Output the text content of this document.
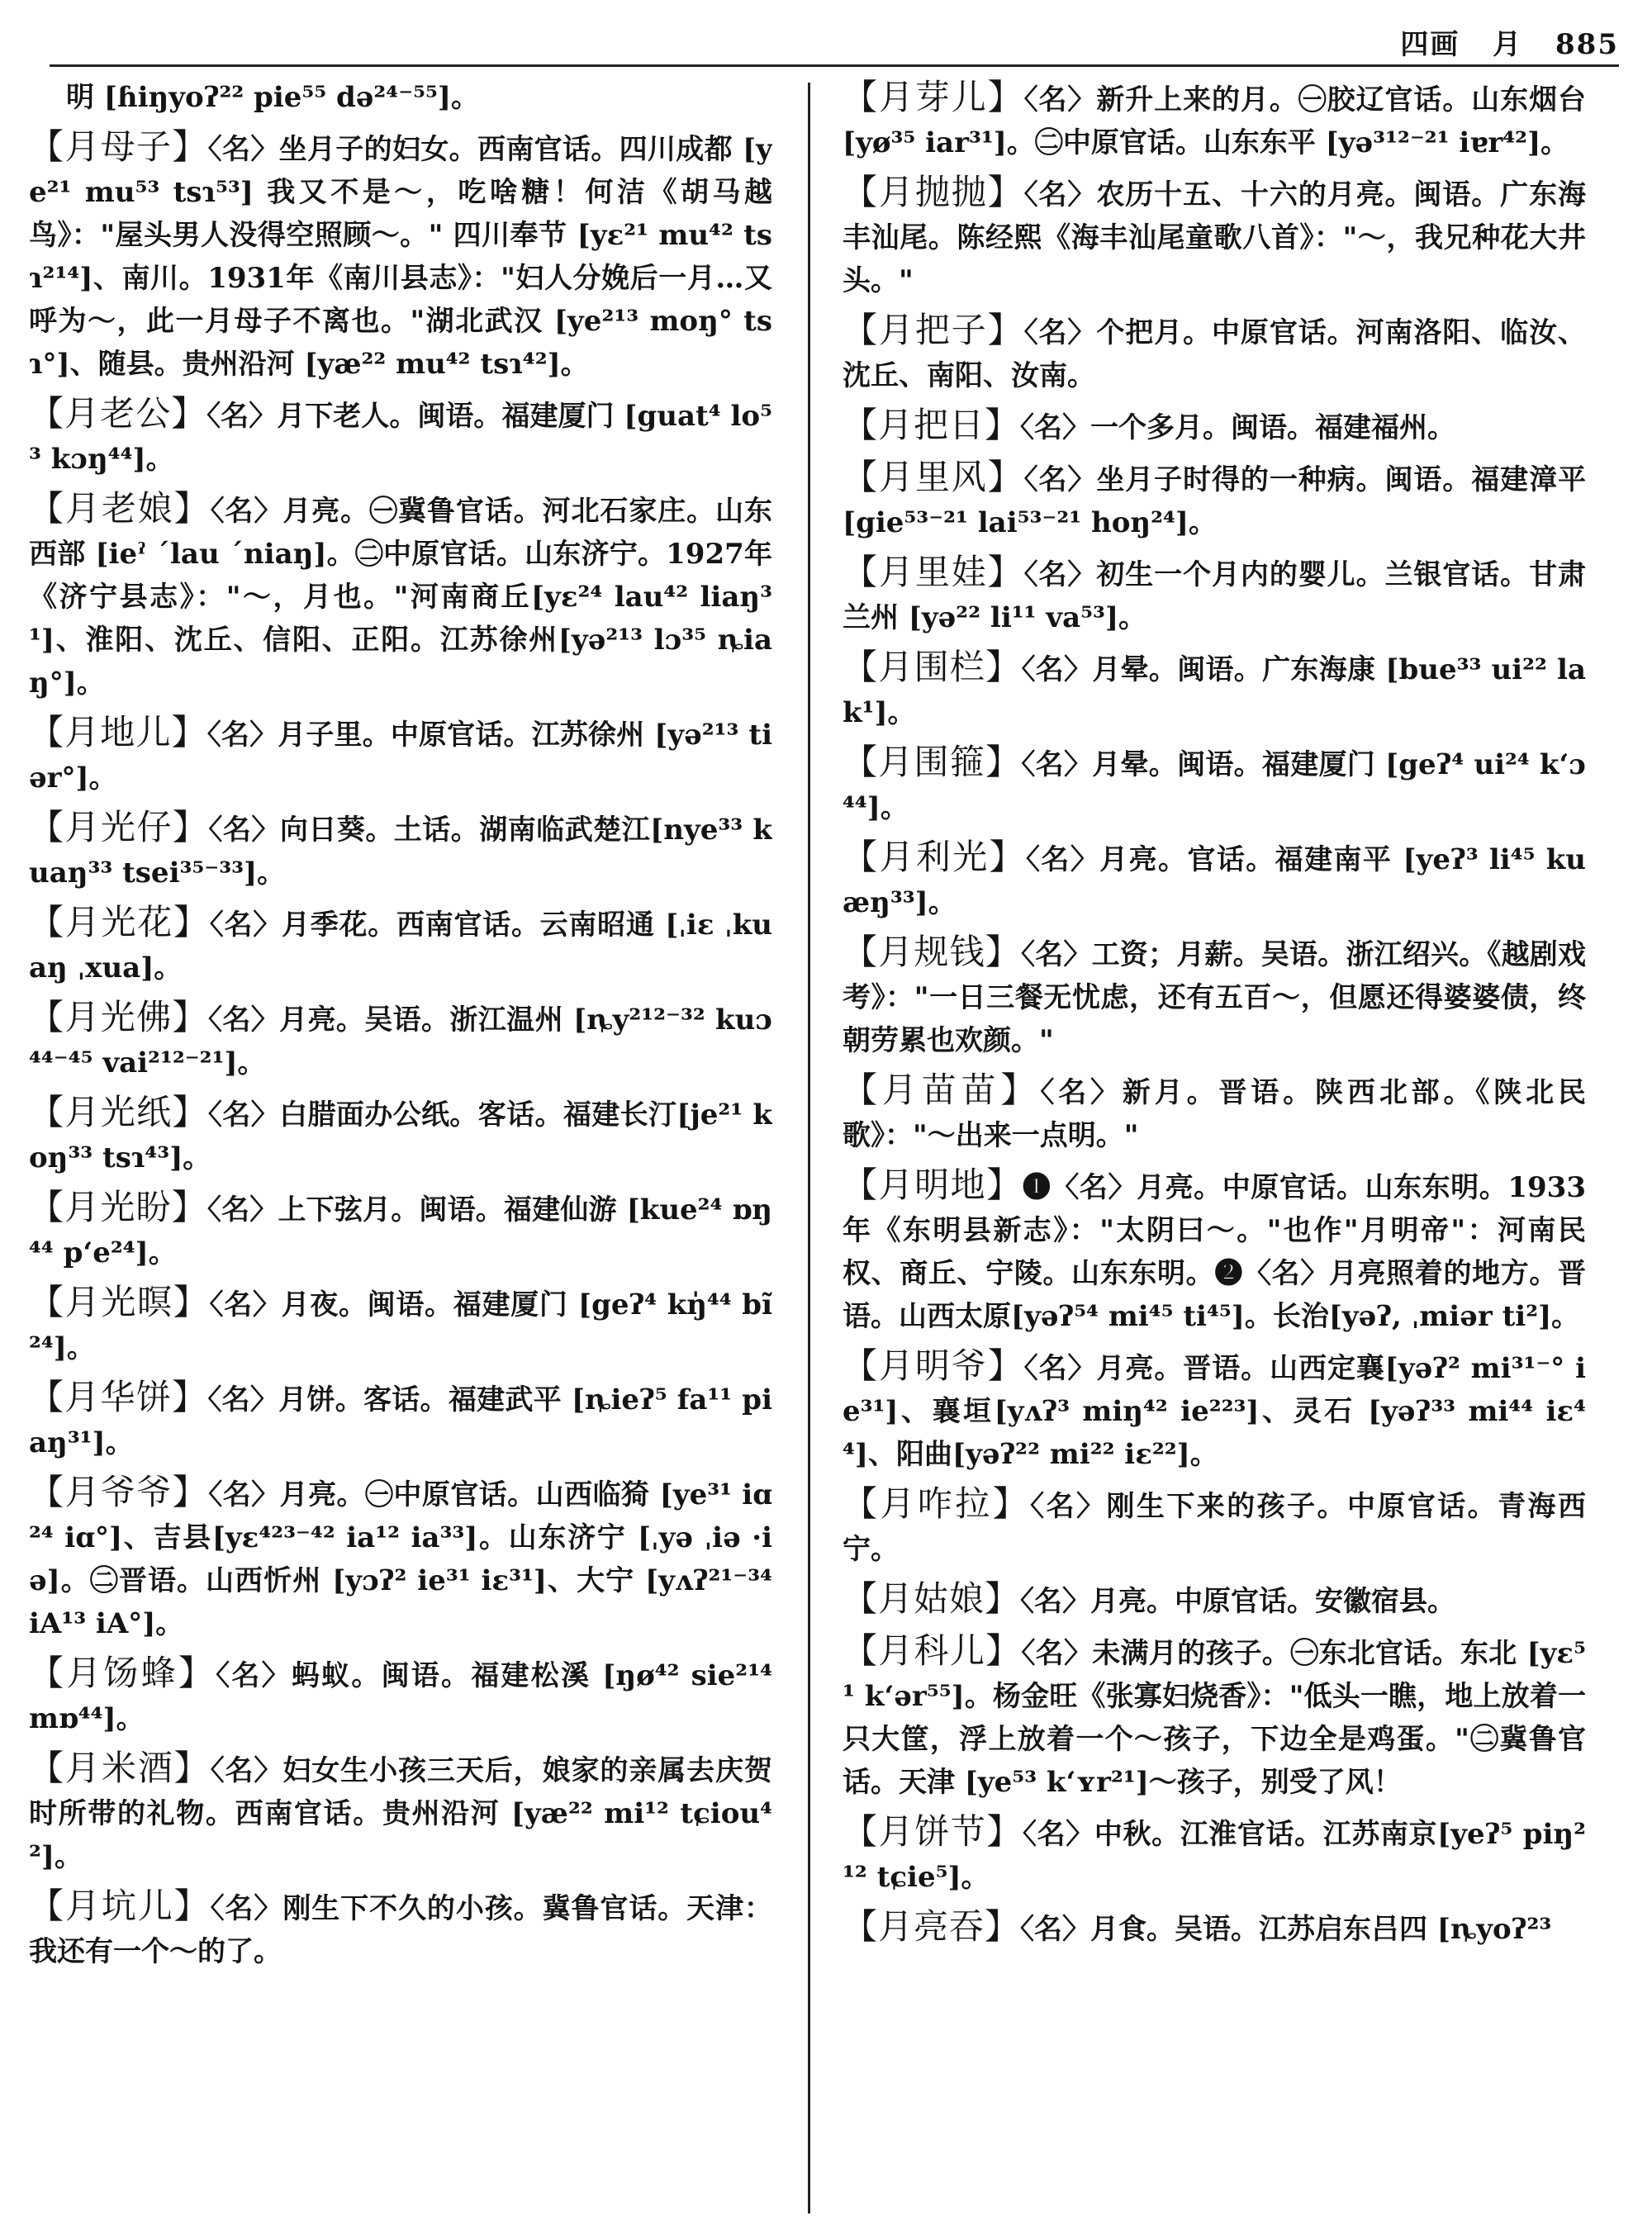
四画 月 885

明 [ɦiŋyoʔ²² pie⁵⁵ də²⁴⁻⁵⁵]。

【月母子】〈名〉坐月子的妇女。西南官话。四川成都 [ye²¹ mu⁵³ tsɿ⁵³] 我又不是～，吃啥糖！何洁《胡马越鸟》："屋头男人没得空照顾～。" 四川奉节 [yɛ²¹ mu⁴² tsɿ²¹⁴]、南川。1931年《南川县志》："妇人分娩后一月…又呼为～，此一月母子不离也。"湖北武汉 [ye²¹³ moŋ° tsɿ°]、随县。贵州沿河 [yæ²² mu⁴² tsɿ⁴²]。

【月老公】〈名〉月下老人。闽语。福建厦门 [guat⁴ lo⁵³ kɔŋ⁴⁴]。

【月老娘】〈名〉月亮。㊀冀鲁官话。河北石家庄。山东西部 [ieˀ ˊlau ˊniaŋ]。㊁中原官话。山东济宁。1927年《济宁县志》："～，月也。"河南商丘[yɛ²⁴ lau⁴² liaŋ³¹]、淮阳、沈丘、信阳、正阳。江苏徐州[yə²¹³ lɔ³⁵ ȵiaŋ°]。

【月地儿】〈名〉月子里。中原官话。江苏徐州 [yə²¹³ tiər°]。

【月光仔】〈名〉向日葵。土话。湖南临武楚江[nye³³ kuaŋ³³ tsei³⁵⁻³³]。

【月光花】〈名〉月季花。西南官话。云南昭通 [ˌiɛ ˌkuaŋ ˌxua]。

【月光佛】〈名〉月亮。吴语。浙江温州 [ȵy²¹²⁻³² kuɔ⁴⁴⁻⁴⁵ vai²¹²⁻²¹]。

【月光纸】〈名〉白腊面办公纸。客话。福建长汀[je²¹ koŋ³³ tsɿ⁴³]。

【月光盼】〈名〉上下弦月。闽语。福建仙游 [kue²⁴ ɒŋ⁴⁴ pʻe²⁴]。

【月光暝】〈名〉月夜。闽语。福建厦门 [geʔ⁴ kŋ̍⁴⁴ bĩ²⁴]。

【月华饼】〈名〉月饼。客话。福建武平 [ȵieʔ⁵ fa¹¹ piaŋ³¹]。

【月爷爷】〈名〉月亮。㊀中原官话。山西临猗 [ye³¹ iɑ²⁴ iɑ°]、吉县[yɛ⁴²³⁻⁴² ia¹² ia³³]。山东济宁 [ˌyə ˌiə ·iə]。㊁晋语。山西忻州 [yɔʔ² ie³¹ iɛ³¹]、大宁 [yʌʔ²¹⁻³⁴ iA¹³ iA°]。

【月饧蜂】〈名〉蚂蚁。闽语。福建松溪 [ŋø⁴² sie²¹⁴ mɒ⁴⁴]。

【月米酒】〈名〉妇女生小孩三天后，娘家的亲属去庆贺时所带的礼物。西南官话。贵州沿河 [yæ²² mi¹² tɕiou⁴²]。

【月坑儿】〈名〉刚生下不久的小孩。冀鲁官话。天津：我还有一个～的了。

【月芽儿】〈名〉新升上来的月。㊀胶辽官话。山东烟台 [yø³⁵ iar³¹]。㊁中原官话。山东东平 [yə³¹²⁻²¹ iɐr⁴²]。

【月抛抛】〈名〉农历十五、十六的月亮。闽语。广东海丰汕尾。陈经熙《海丰汕尾童歌八首》："～，我兄种花大井头。"

【月把子】〈名〉个把月。中原官话。河南洛阳、临汝、沈丘、南阳、汝南。

【月把日】〈名〉一个多月。闽语。福建福州。

【月里风】〈名〉坐月子时得的一种病。闽语。福建漳平 [gie⁵³⁻²¹ lai⁵³⁻²¹ hoŋ²⁴]。

【月里娃】〈名〉初生一个月内的婴儿。兰银官话。甘肃兰州 [yə²² li¹¹ va⁵³]。

【月围栏】〈名〉月晕。闽语。广东海康 [bue³³ ui²² lak¹]。

【月围箍】〈名〉月晕。闽语。福建厦门 [geʔ⁴ ui²⁴ kʻɔ⁴⁴]。

【月利光】〈名〉月亮。官话。福建南平 [yeʔ³ li⁴⁵ kuæŋ³³]。

【月规钱】〈名〉工资；月薪。吴语。浙江绍兴。《越剧戏考》："一日三餐无忧虑，还有五百～，但愿还得婆婆债，终朝劳累也欢颜。"

【月苗苗】〈名〉新月。晋语。陕西北部。《陕北民歌》："～出来一点明。"

【月明地】❶〈名〉月亮。中原官话。山东东明。1933年《东明县新志》："太阴曰～。"也作"月明帝"：河南民权、商丘、宁陵。山东东明。❷〈名〉月亮照着的地方。晋语。山西太原[yəʔ⁵⁴ mi⁴⁵ ti⁴⁵]。长治[yəʔ, ˌmiər ti²]。

【月明爷】〈名〉月亮。晋语。山西定襄[yəʔ² mi³¹⁻° ie³¹]、襄垣[yʌʔ³ miŋ⁴² ie²²³]、灵石 [yəʔ³³ mi⁴⁴ iɛ⁴⁴]、阳曲[yəʔ²² mi²² iɛ²²]。

【月咋拉】〈名〉刚生下来的孩子。中原官话。青海西宁。

【月姑娘】〈名〉月亮。中原官话。安徽宿县。

【月科儿】〈名〉未满月的孩子。㊀东北官话。东北 [yɛ⁵¹ kʻər⁵⁵]。杨金旺《张寡妇烧香》："低头一瞧，地上放着一只大筐，浮上放着一个～孩子，下边全是鸡蛋。"㊁冀鲁官话。天津 [ye⁵³ kʻʏr²¹]～孩子，别受了风！

【月饼节】〈名〉中秋。江淮官话。江苏南京[yeʔ⁵ piŋ²¹² tɕie⁵]。

【月亮吞】〈名〉月食。吴语。江苏启东吕四 [ȵyoʔ²³
